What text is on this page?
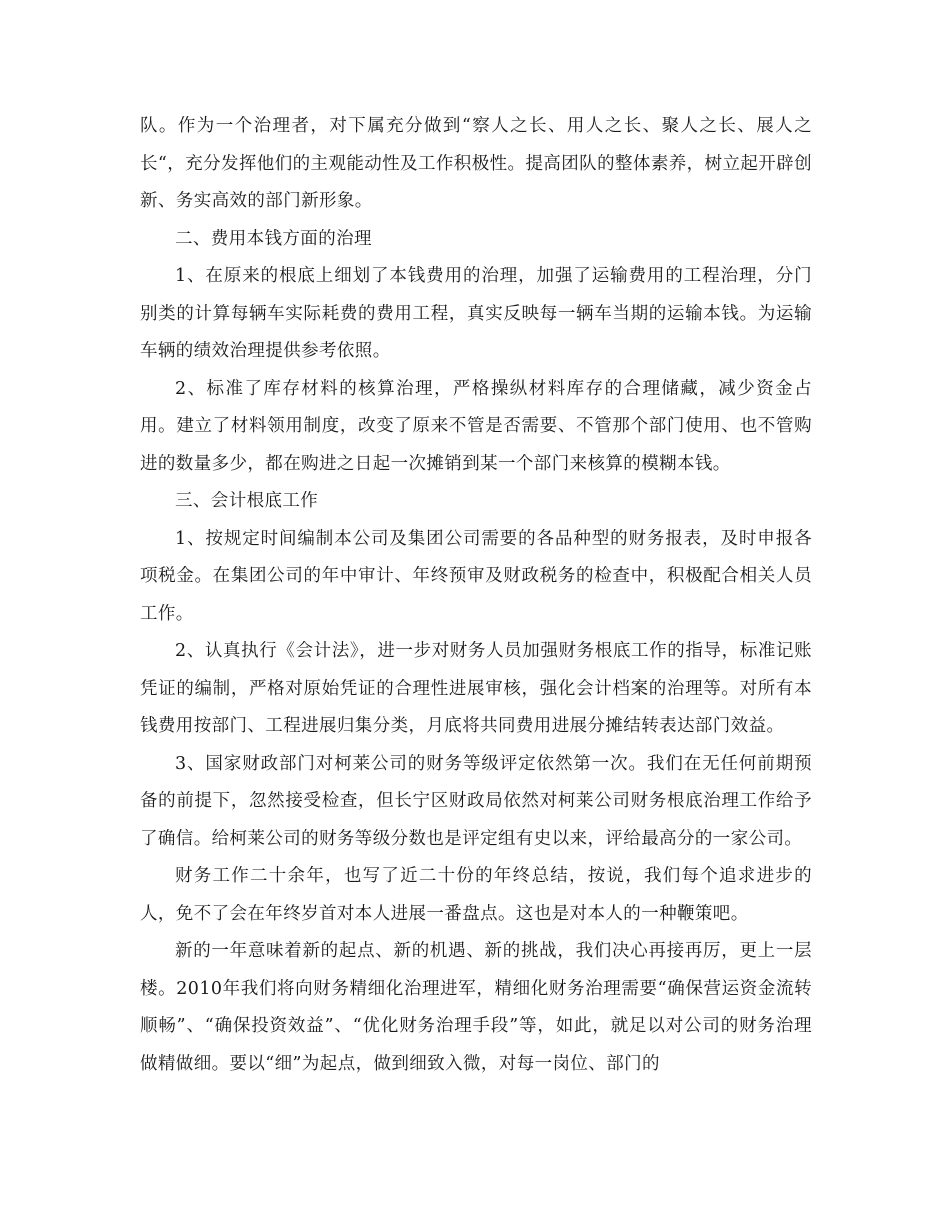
队。作为一个治理者，对下属充分做到“察人之长、用人之长、聚人之长、展人之长“，充分发挥他们的主观能动性及工作积极性。提高团队的整体素养，树立起开辟创新、务实高效的部门新形象。

二、费用本钱方面的治理

1、在原来的根底上细划了本钱费用的治理，加强了运输费用的工程治理，分门别类的计算每辆车实际耗费的费用工程，真实反映每一辆车当期的运输本钱。为运输车辆的绩效治理提供参考依照。

2、标准了库存材料的核算治理，严格操纵材料库存的合理储藏，减少资金占用。建立了材料领用制度，改变了原来不管是否需要、不管那个部门使用、也不管购进的数量多少，都在购进之日起一次摊销到某一个部门来核算的模糊本钱。

三、会计根底工作

1、按规定时间编制本公司及集团公司需要的各品种型的财务报表，及时申报各项税金。在集团公司的年中审计、年终预审及财政税务的检查中，积极配合相关人员工作。

2、认真执行《会计法》，进一步对财务人员加强财务根底工作的指导，标准记账凭证的编制，严格对原始凭证的合理性进展审核，强化会计档案的治理等。对所有本钱费用按部门、工程进展归集分类，月底将共同费用进展分摊结转表达部门效益。

3、国家财政部门对柯莱公司的财务等级评定依然第一次。我们在无任何前期预备的前提下，忽然接受检查，但长宁区财政局依然对柯莱公司财务根底治理工作给予了确信。给柯莱公司的财务等级分数也是评定组有史以来，评给最高分的一家公司。

财务工作二十余年，也写了近二十份的年终总结，按说，我们每个追求进步的人，免不了会在年终岁首对本人进展一番盘点。这也是对本人的一种鞭策吧。

新的一年意味着新的起点、新的机遇、新的挑战，我们决心再接再厉，更上一层楼。2010年我们将向财务精细化治理进军，精细化财务治理需要“确保营运资金流转顺畅”、“确保投资效益”、“优化财务治理手段”等，如此，就足以对公司的财务治理做精做细。要以“细”为起点，做到细致入微，对每一岗位、部门的
